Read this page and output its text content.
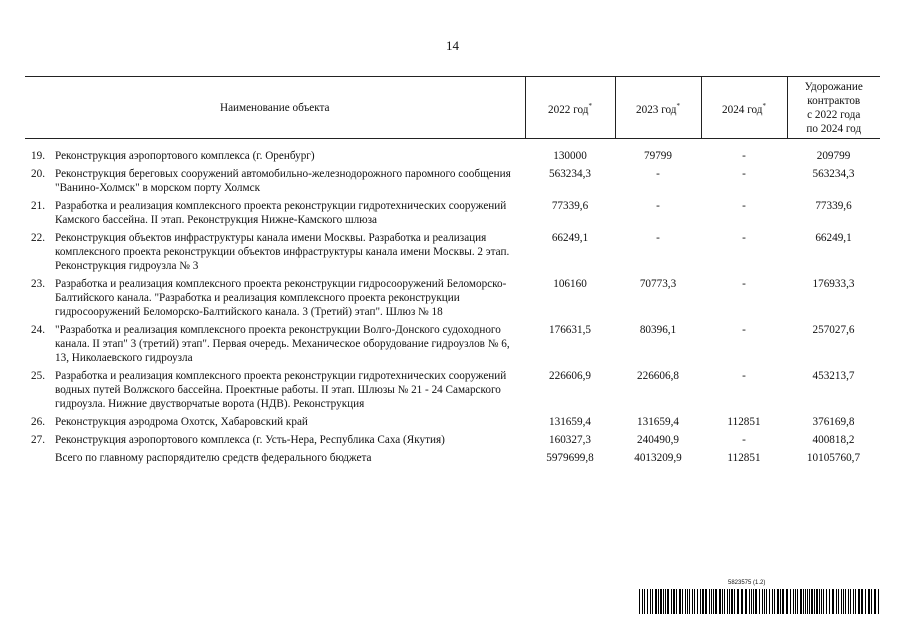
14
Наименование объекта		2022 год*	2023 год*	2024 год*	Удорожание
контрактов
с 2022 года
по 2024 год

19.	Реконструкция аэропортового комплекса (г. Оренбург)	130000	79799	-	209799
20.	Реконструкция береговых сооружений автомобильно-железнодорожного паромного сообщения "Ванино-Холмск" в морском порту Холмск	563234,3	-	-	563234,3
21.	Разработка и реализация комплексного проекта реконструкции гидротехнических сооружений Камского бассейна. II этап. Реконструкция Нижне-Камского шлюза	77339,6	-	-	77339,6
22.	Реконструкция объектов инфраструктуры канала имени Москвы. Разработка и реализация комплексного проекта реконструкции объектов инфраструктуры канала имени Москвы. 2 этап. Реконструкция гидроузла № 3	66249,1	-	-	66249,1
23.	Разработка и реализация комплексного проекта реконструкции гидросооружений Беломорско-Балтийского канала. "Разработка и реализация комплексного проекта реконструкции гидросооружений Беломорско-Балтийского канала. 3 (Третий) этап". Шлюз № 18	106160	70773,3	-	176933,3
24.	"Разработка и реализация комплексного проекта реконструкции Волго-Донского судоходного канала. II этап" 3 (третий) этап". Первая очередь. Механическое оборудование гидроузлов № 6, 13, Николаевского гидроузла	176631,5	80396,1	-	257027,6
25.	Разработка и реализация комплексного проекта реконструкции гидротехнических сооружений водных путей Волжского бассейна. Проектные работы. II этап. Шлюзы № 21 - 24 Самарского гидроузла. Нижние двустворчатые ворота (НДВ). Реконструкция	226606,9	226606,8	-	453213,7
26.	Реконструкция аэродрома Охотск, Хабаровский край	131659,4	131659,4	112851	376169,8
27.	Реконструкция аэропортового комплекса (г. Усть-Нера, Республика Саха (Якутия)	160327,3	240490,9	-	400818,2
	Всего по главному распорядителю средств федерального бюджета	5979699,8	4013209,9	112851	10105760,7
5823575 (1.2)
